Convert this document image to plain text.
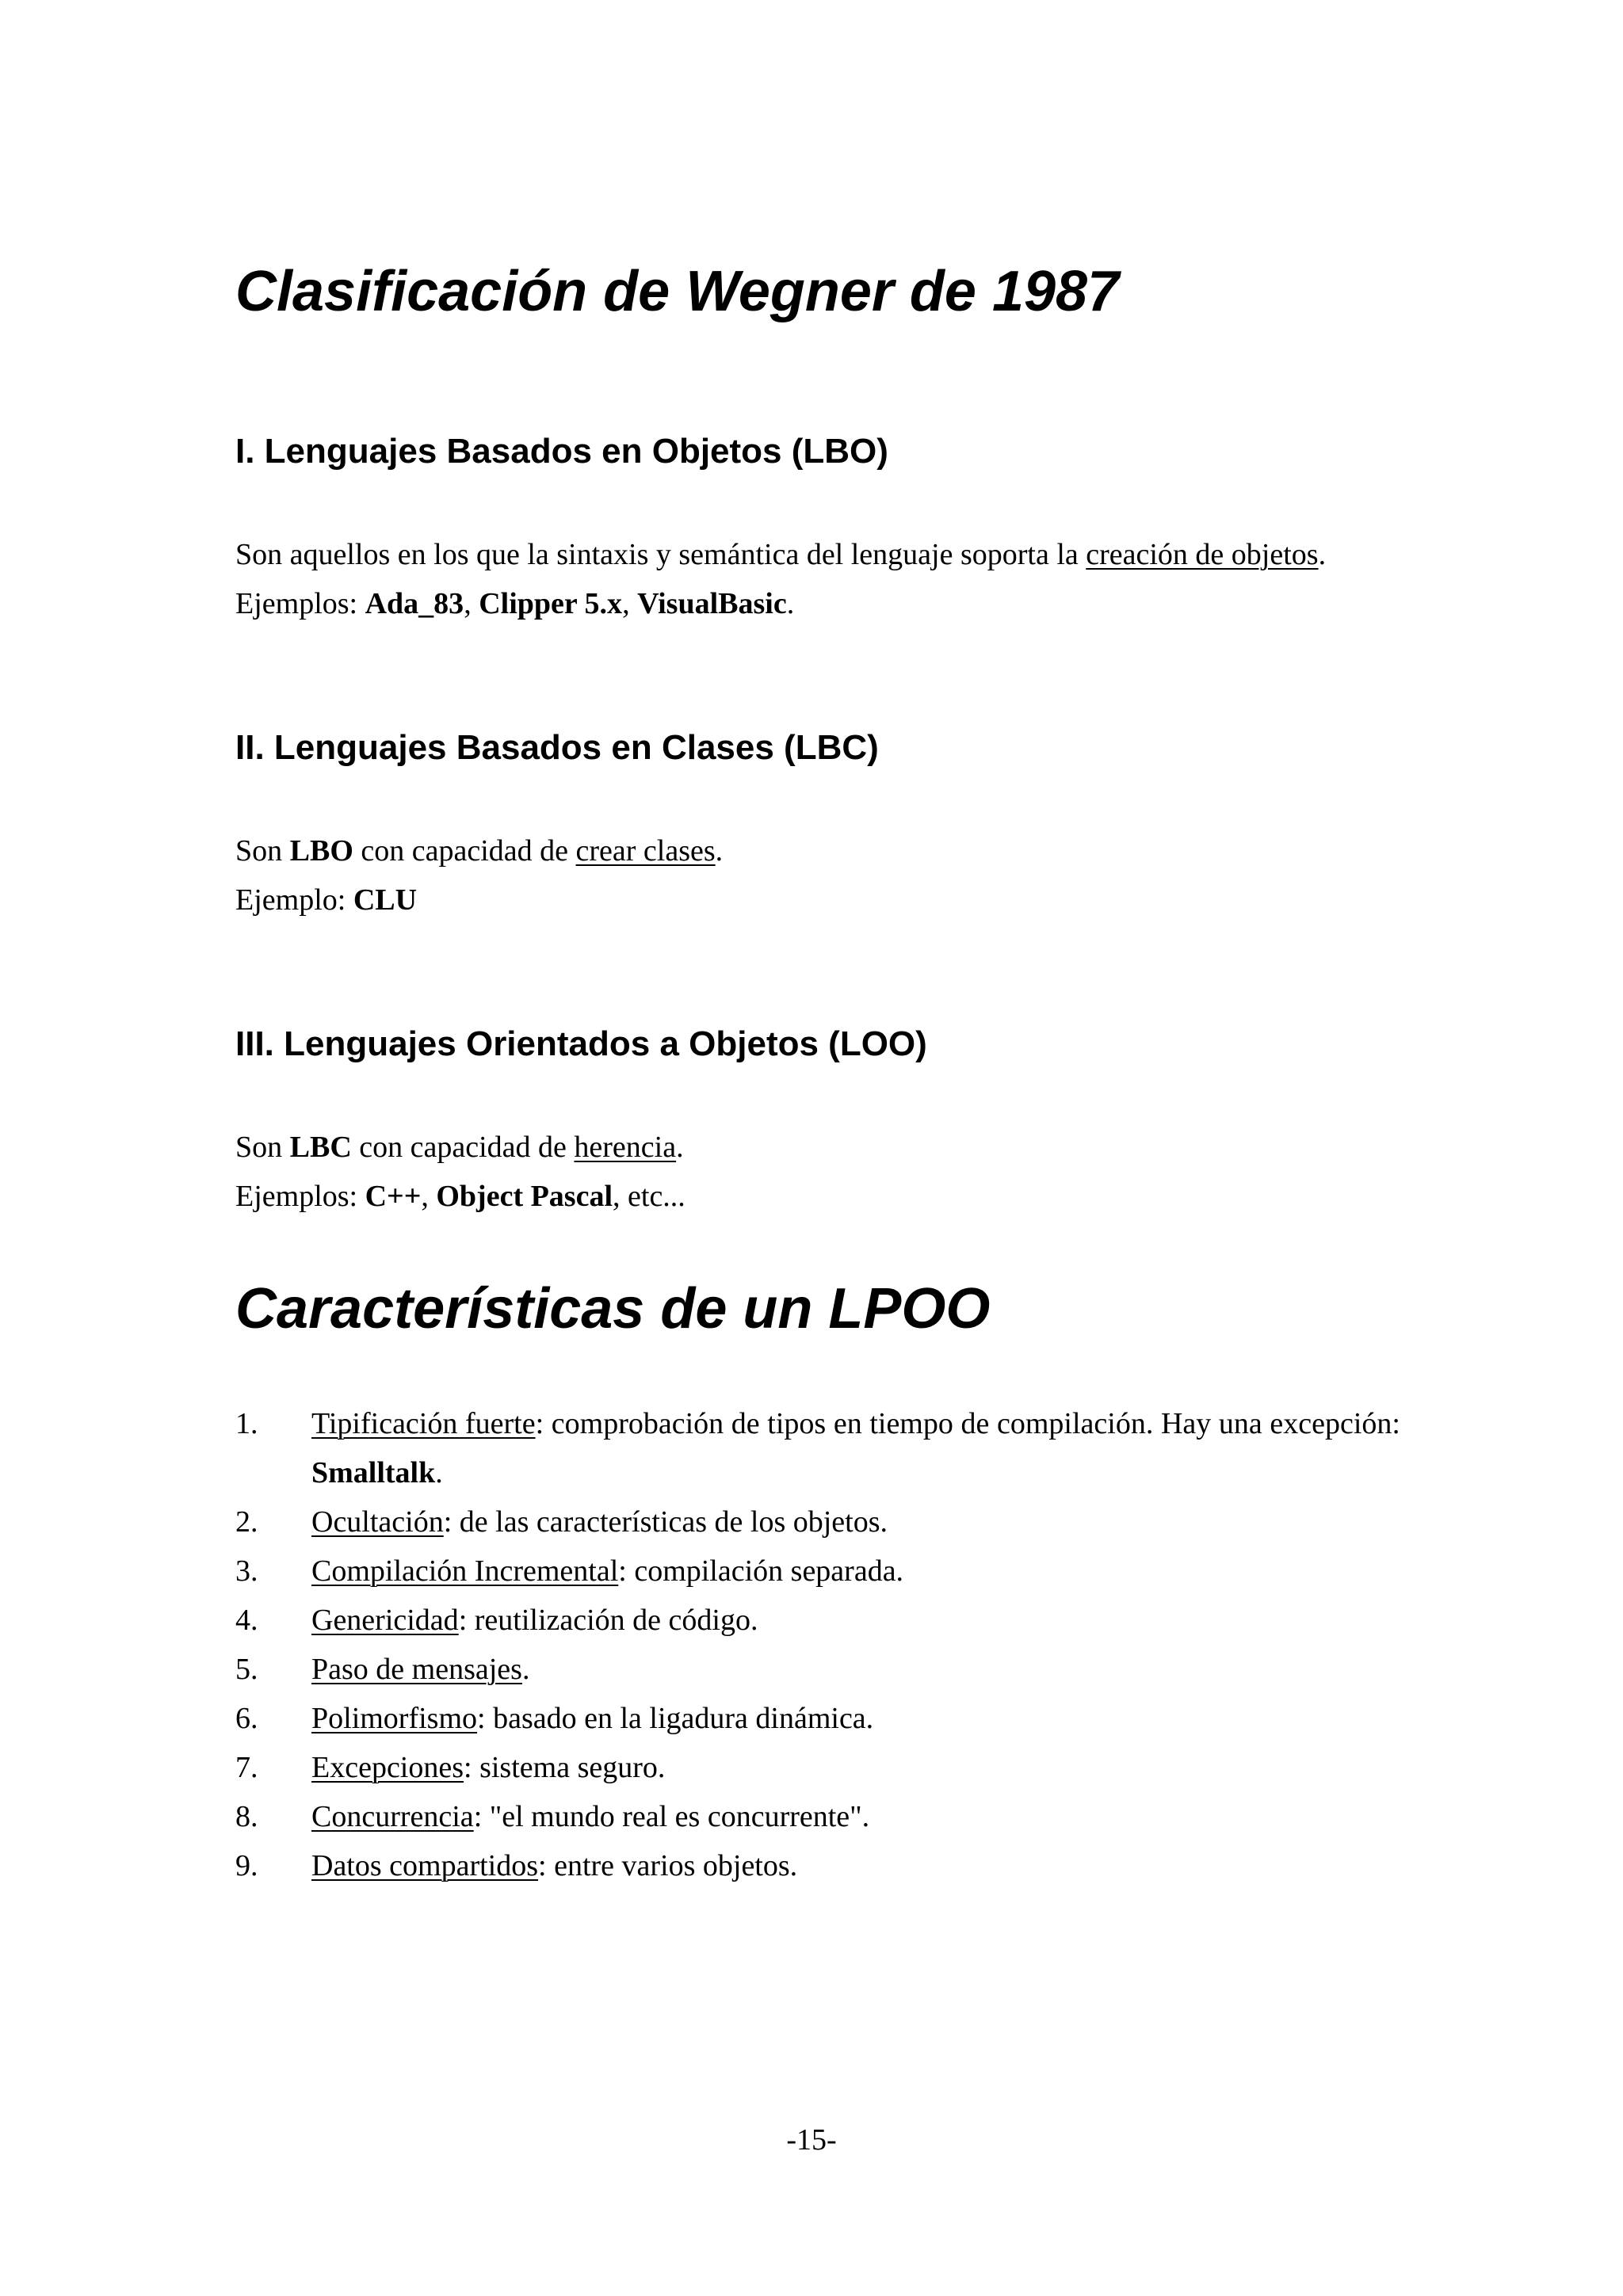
Clasificación de Wegner de 1987
I. Lenguajes Basados en Objetos (LBO)

Son aquellos en los que la sintaxis y semántica del lenguaje soporta la creación de objetos.

Ejemplos: Ada_83, Clipper 5.x, VisualBasic.

II. Lenguajes Basados en Clases (LBC)

Son LBO con capacidad de crear clases.

Ejemplo: CLU

III. Lenguajes Orientados a Objetos (LOO)

Son LBC con capacidad de herencia.

Ejemplos: C++, Object Pascal, etc...

Características de un LPOO
1. Tipificación fuerte: comprobación de tipos en tiempo de compilación. Hay una excepción: Smalltalk.
2. Ocultación: de las características de los objetos.
3. Compilación Incremental: compilación separada.
4. Genericidad: reutilización de código.
5. Paso de mensajes.
6. Polimorfismo: basado en la ligadura dinámica.
7. Excepciones: sistema seguro.
8. Concurrencia: "el mundo real es concurrente".
9. Datos compartidos: entre varios objetos.

-15-
